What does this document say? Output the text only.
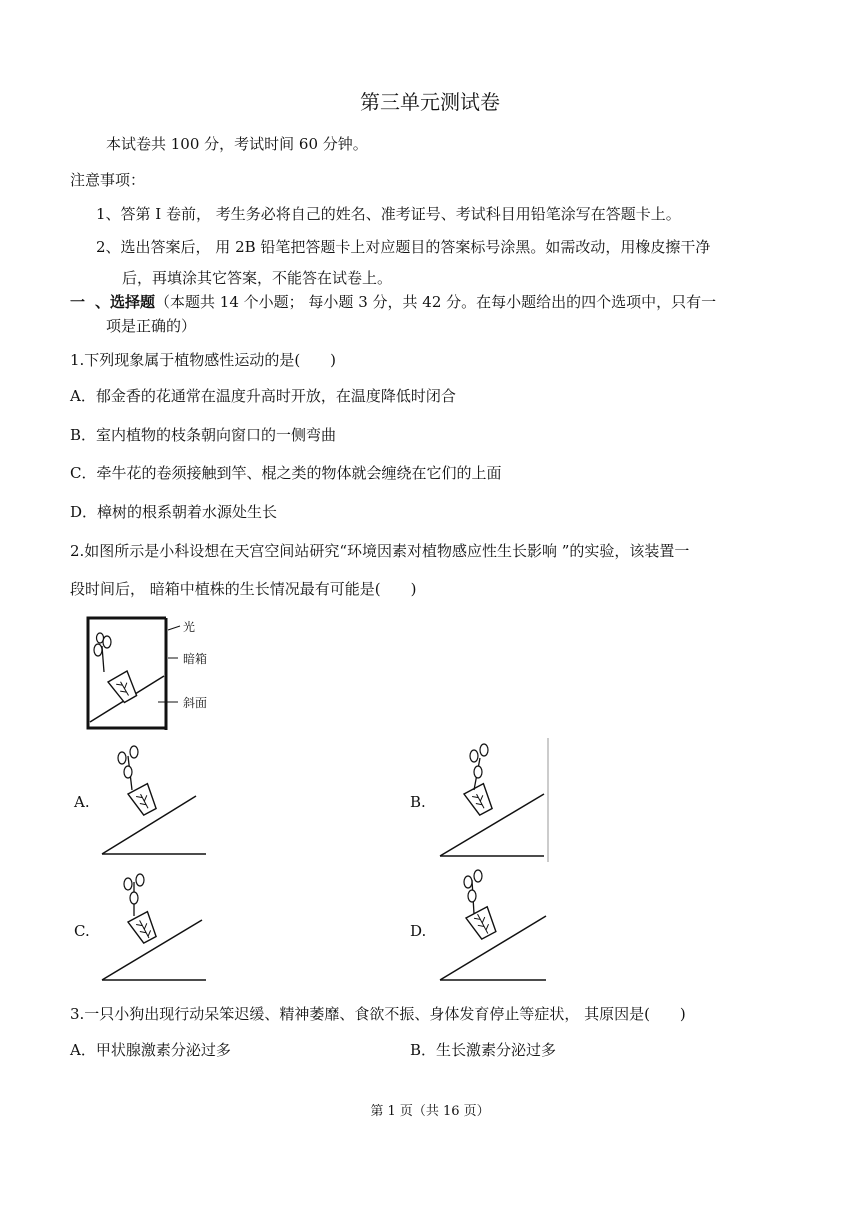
第三单元测试卷
本试卷共 100 分，考试时间 60 分钟。
注意事项：
1、答第 I 卷前， 考生务必将自己的姓名、准考证号、考试科目用铅笔涂写在答题卡上。
2、选出答案后， 用 2B 铅笔把答题卡上对应题目的答案标号涂黑。如需改动，用橡皮擦干净
后，再填涂其它答案，不能答在试卷上。
一 、选择题（本题共 14 个小题； 每小题 3 分，共 42 分。在每小题给出的四个选项中，只有一
项是正确的）
1.下列现象属于植物感性运动的是(　　)
A．郁金香的花通常在温度升高时开放，在温度降低时闭合
B．室内植物的枝条朝向窗口的一侧弯曲
C．牵牛花的卷须接触到竿、棍之类的物体就会缠绕在它们的上面
D．樟树的根系朝着水源处生长
2.如图所示是小科设想在天宫空间站研究“环境因素对植物感应性生长影响 ”的实验，该装置一
段时间后， 暗箱中植株的生长情况最有可能是(　　)
光
暗箱
斜面
A.	B.
C.	D.
3.一只小狗出现行动呆笨迟缓、精神萎靡、食欲不振、身体发育停止等症状， 其原因是(　　)
A．甲状腺激素分泌过多	B．生长激素分泌过多
第 1 页（共 16 页）
